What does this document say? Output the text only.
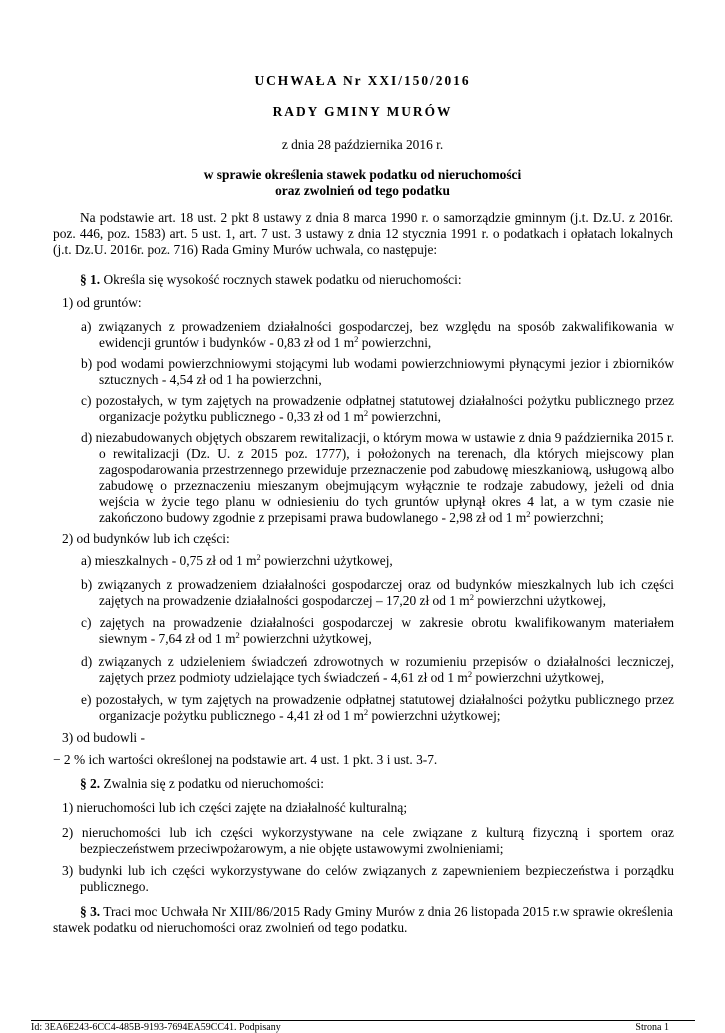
UCHWAŁA Nr XXI/150/2016
RADY GMINY MURÓW
z dnia 28 października 2016 r.
w sprawie określenia stawek podatku od nieruchomości
oraz zwolnień od tego podatku
Na podstawie art. 18 ust. 2 pkt 8 ustawy z dnia 8 marca 1990 r. o samorządzie gminnym (j.t. Dz.U. z 2016r. poz. 446, poz. 1583) art. 5 ust. 1, art. 7 ust. 3 ustawy z dnia 12 stycznia 1991 r. o podatkach i opłatach lokalnych (j.t. Dz.U. 2016r. poz. 716) Rada Gminy Murów uchwala, co następuje:
§ 1. Określa się wysokość rocznych stawek podatku od nieruchomości:
1) od gruntów:
a) związanych z prowadzeniem działalności gospodarczej, bez względu na sposób zakwalifikowania w ewidencji gruntów i budynków - 0,83 zł od 1 $m^2$ powierzchni,
b) pod wodami powierzchniowymi stojącymi lub wodami powierzchniowymi płynącymi jezior i zbiorników sztucznych - 4,54 zł od 1 ha powierzchni,
c) pozostałych, w tym zajętych na prowadzenie odpłatnej statutowej działalności pożytku publicznego przez organizacje pożytku publicznego - 0,33 zł od 1 $m^2$ powierzchni,
d) niezabudowanych objętych obszarem rewitalizacji, o którym mowa w ustawie z dnia 9 października 2015 r. o rewitalizacji (Dz. U. z 2015 poz. 1777), i położonych na terenach, dla których miejscowy plan zagospodarowania przestrzennego przewiduje przeznaczenie pod zabudowę mieszkaniową, usługową albo zabudowę o przeznaczeniu mieszanym obejmującym wyłącznie te rodzaje zabudowy, jeżeli od dnia wejścia w życie tego planu w odniesieniu do tych gruntów upłynął okres 4 lat, a w tym czasie nie zakończono budowy zgodnie z przepisami prawa budowlanego - 2,98 zł od 1 $m^2$ powierzchni;
2) od budynków lub ich części:
a) mieszkalnych - 0,75 zł od 1 $m^2$ powierzchni użytkowej,
b) związanych z prowadzeniem działalności gospodarczej oraz od budynków mieszkalnych lub ich części zajętych na prowadzenie działalności gospodarczej – 17,20 zł od 1 $m^2$ powierzchni użytkowej,
c) zajętych na prowadzenie działalności gospodarczej w zakresie obrotu kwalifikowanym materiałem siewnym - 7,64 zł od 1 $m^2$ powierzchni użytkowej,
d) związanych z udzieleniem świadczeń zdrowotnych w rozumieniu przepisów o działalności leczniczej, zajętych przez podmioty udzielające tych świadczeń - 4,61 zł od 1 $m^2$ powierzchni użytkowej,
e) pozostałych, w tym zajętych na prowadzenie odpłatnej statutowej działalności pożytku publicznego przez organizacje pożytku publicznego - 4,41 zł od 1 $m^2$ powierzchni użytkowej;
3) od budowli -
− 2 % ich wartości określonej na podstawie art. 4 ust. 1 pkt. 3 i ust. 3-7.
§ 2. Zwalnia się z podatku od nieruchomości:
1) nieruchomości lub ich części zajęte na działalność kulturalną;
2) nieruchomości lub ich części wykorzystywane na cele związane z kulturą fizyczną i sportem oraz bezpieczeństwem przeciwpożarowym, a nie objęte ustawowymi zwolnieniami;
3) budynki lub ich części wykorzystywane do celów związanych z zapewnieniem bezpieczeństwa i porządku publicznego.
§ 3. Traci moc Uchwała Nr XIII/86/2015 Rady Gminy Murów z dnia 26 listopada 2015 r.w sprawie określenia stawek podatku od nieruchomości oraz zwolnień od tego podatku.
Id: 3EA6E243-6CC4-485B-9193-7694EA59CC41. Podpisany	Strona 1
